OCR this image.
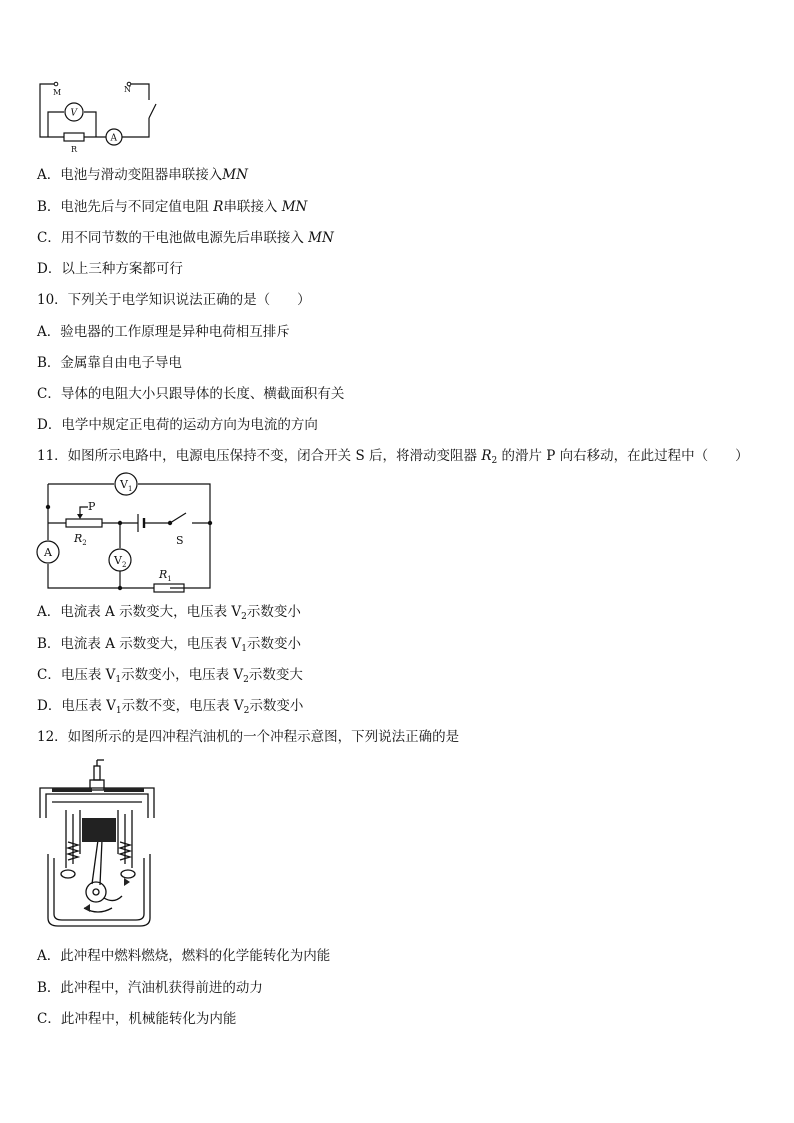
M	N
V
A
R
A．电池与滑动变阻器串联接入MN
B．电池先后与不同定值电阻 R串联接入 MN
C．用不同节数的干电池做电源先后串联接入 MN
D．以上三种方案都可行
10．下列关于电学知识说法正确的是（　　）
A．验电器的工作原理是异种电荷相互排斥
B．金属靠自由电子导电
C．导体的电阻大小只跟导体的长度、横截面积有关
D．电学中规定正电荷的运动方向为电流的方向
11．如图所示电路中，电源电压保持不变，闭合开关 S 后，将滑动变阻器 $R_2$ 的滑片 P 向右移动，在此过程中（　　）
$V_1$
P
$R_2$
$V_2$
A
S
$R_1$
A．电流表 A 示数变大，电压表 $V_2$示数变小
B．电流表 A 示数变大，电压表 $V_1$示数变小
C．电压表 $V_1$示数变小，电压表 $V_2$示数变大
D．电压表 $V_1$示数不变，电压表 $V_2$示数变小
12．如图所示的是四冲程汽油机的一个冲程示意图，下列说法正确的是
A．此冲程中燃料燃烧，燃料的化学能转化为内能
B．此冲程中，汽油机获得前进的动力
C．此冲程中，机械能转化为内能
